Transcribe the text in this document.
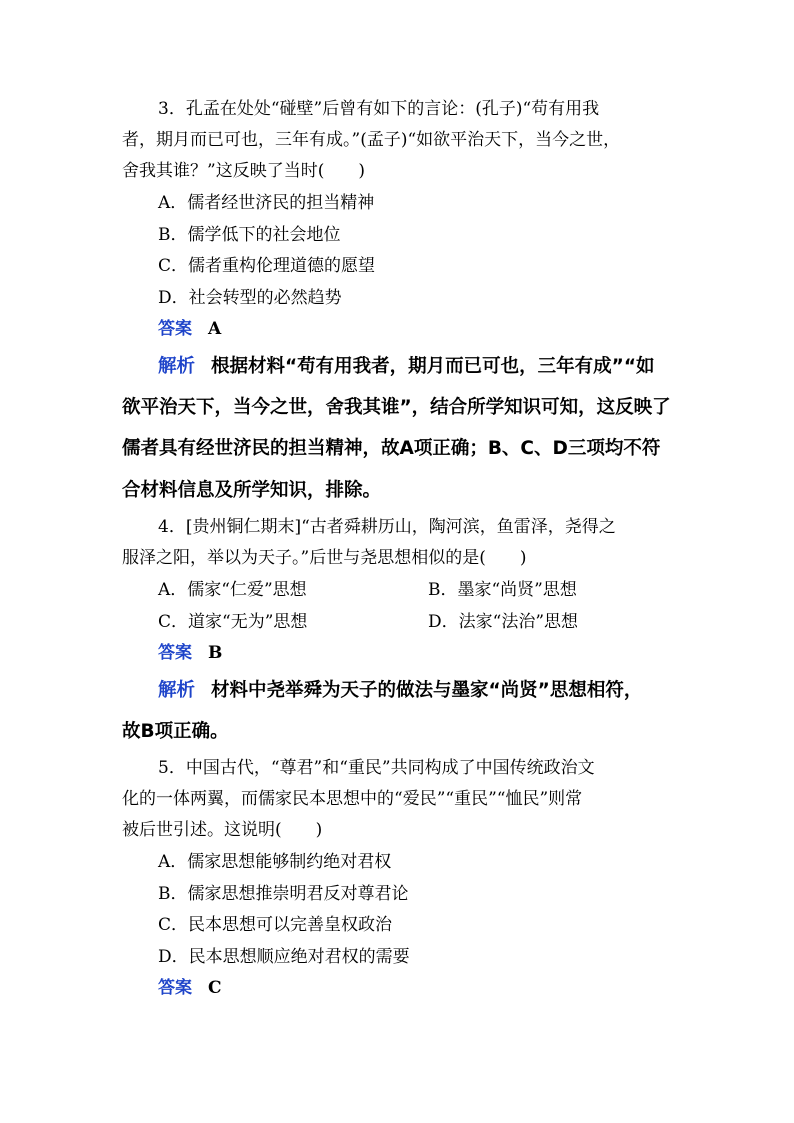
3．孔孟在处处“碰壁”后曾有如下的言论：(孔子)“苟有用我
者，期月而已可也，三年有成。”(孟子)“如欲平治天下，当今之世，
舍我其谁？”这反映了当时(　　)
A．儒者经世济民的担当精神
B．儒学低下的社会地位
C．儒者重构伦理道德的愿望
D．社会转型的必然趋势
答案 A
解析 根据材料“苟有用我者，期月而已可也，三年有成”“如
欲平治天下，当今之世，舍我其谁”，结合所学知识可知，这反映了
儒者具有经世济民的担当精神，故A项正确；B、C、D三项均不符
合材料信息及所学知识，排除。
4．[贵州铜仁期末]“古者舜耕历山，陶河滨，鱼雷泽，尧得之
服泽之阳，举以为天子。”后世与尧思想相似的是(　　)
A．儒家“仁爱”思想	B．墨家“尚贤”思想
C．道家“无为”思想	D．法家“法治”思想
答案 B
解析 材料中尧举舜为天子的做法与墨家“尚贤”思想相符，
故B项正确。
5．中国古代，“尊君”和“重民”共同构成了中国传统政治文
化的一体两翼，而儒家民本思想中的“爱民”“重民”“恤民”则常
被后世引述。这说明(　　)
A．儒家思想能够制约绝对君权
B．儒家思想推崇明君反对尊君论
C．民本思想可以完善皇权政治
D．民本思想顺应绝对君权的需要
答案 C
